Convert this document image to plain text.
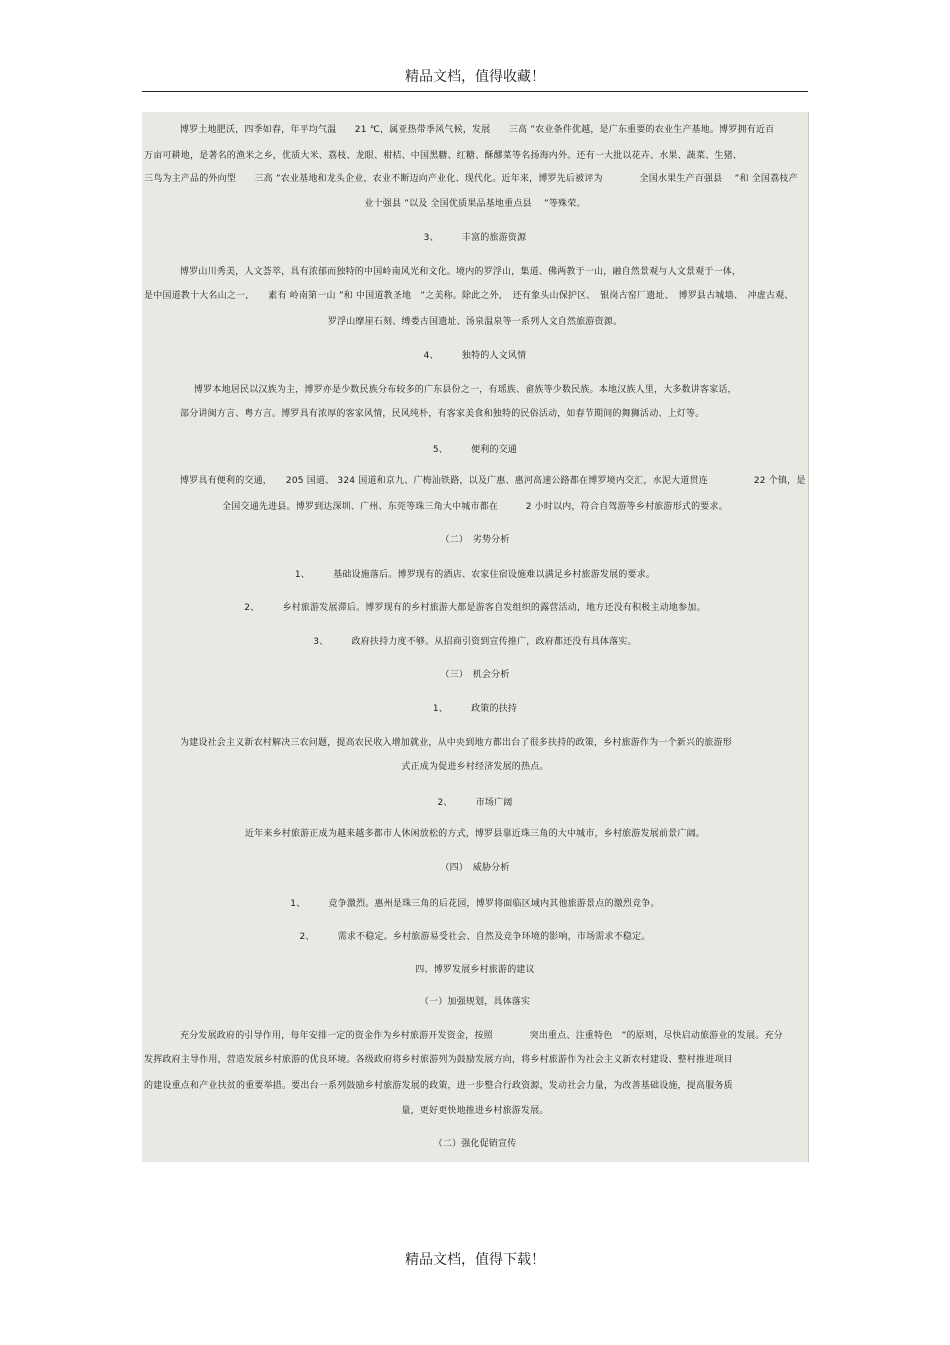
精品文档，值得收藏！
博罗土地肥沃，四季如春，年平均气温　　21 ℃，属亚热带季风气候，发展　　三高 ”农业条件优越，是广东重要的农业生产基地。博罗拥有近百
万亩可耕地，是著名的渔米之乡，优质大米、荔枝、龙眼、柑桔、中国黑糖、红糖、酥醪菜等名扬海内外。还有一大批以花卉、水果、蔬菜、生猪、
三鸟为主产品的外向型　　三高 ”农业基地和龙头企业，农业不断迈向产业化、现代化。近年来，博罗先后被评为　　　　全国水果生产百强县　 ”和 全国荔枝产
业十强县 ”以及 全国优质果品基地重点县　 ”等殊荣。
3、　　　丰富的旅游资源
博罗山川秀美，人文荟萃，具有浓郁而独特的中国岭南风光和文化。境内的罗浮山，集道、佛两教于一山，融自然景观与人文景观于一体，
是中国道教十大名山之一，　　素有 岭南第一山 ”和 中国道教圣地　”之美称。除此之外，　还有象头山保护区、　银岗古窑厂遗址、　博罗县古城墙、　冲虚古观、
罗浮山摩崖石刻、缚娄古国遗址、汤泉温泉等一系列人文自然旅游资源。
4、　　　独特的人文风情
博罗本地居民以汉族为主，博罗亦是少数民族分布较多的广东县份之一，有瑶族、畲族等少数民族。本地汉族人里，大多数讲客家话，
部分讲闽方言、粤方言。博罗具有浓厚的客家风情，民风纯朴，有客家美食和独特的民俗活动，如春节期间的舞狮活动、上灯等。
5、　　　便利的交通
博罗具有便利的交通，　　205 国道、 324 国道和京九、广梅汕铁路，以及广惠、惠河高速公路都在博罗境内交汇，水泥大道贯连　　　　　22 个镇，是
全国交通先进县。博罗到达深圳、广州、东莞等珠三角大中城市都在　　　2 小时以内，符合自驾游等乡村旅游形式的要求。
（二）　劣势分析
1、　　　基础设施落后。博罗现有的酒店、农家住宿设施难以满足乡村旅游发展的要求。
2、　　　乡村旅游发展滞后。博罗现有的乡村旅游大都是游客自发组织的露营活动，地方还没有积极主动地参加。
3、　　　政府扶持力度不够。从招商引资到宣传推广，政府都还没有具体落实。
（三）　机会分析
1、　　　政策的扶持
为建设社会主义新农村解决三农问题，提高农民收入增加就业，从中央到地方都出台了很多扶持的政策，乡村旅游作为一个新兴的旅游形
式正成为促进乡村经济发展的热点。
2、　　　市场广阔
近年来乡村旅游正成为越来越多都市人休闲放松的方式，博罗县靠近珠三角的大中城市，乡村旅游发展前景广阔。
（四）　威胁分析
1、　　　竞争激烈。惠州是珠三角的后花园，博罗将面临区域内其他旅游景点的激烈竞争。
2、　　　需求不稳定。乡村旅游易受社会、自然及竞争环境的影响，市场需求不稳定。
四、博罗发展乡村旅游的建议
（一）加强规划，具体落实
充分发展政府的引导作用，每年安排一定的资金作为乡村旅游开发资金，按照　　　　突出重点、注重特色　”的原则，尽快启动旅游业的发展。充分
发挥政府主导作用，营造发展乡村旅游的优良环境。各级政府将乡村旅游列为鼓励发展方向，将乡村旅游作为社会主义新农村建设、整村推进项目
的建设重点和产业扶贫的重要举措。要出台一系列鼓励乡村旅游发展的政策，进一步整合行政资源，发动社会力量，为改善基础设施，提高服务质
量，更好更快地推进乡村旅游发展。
（二）强化促销宣传
精品文档，值得下载！
